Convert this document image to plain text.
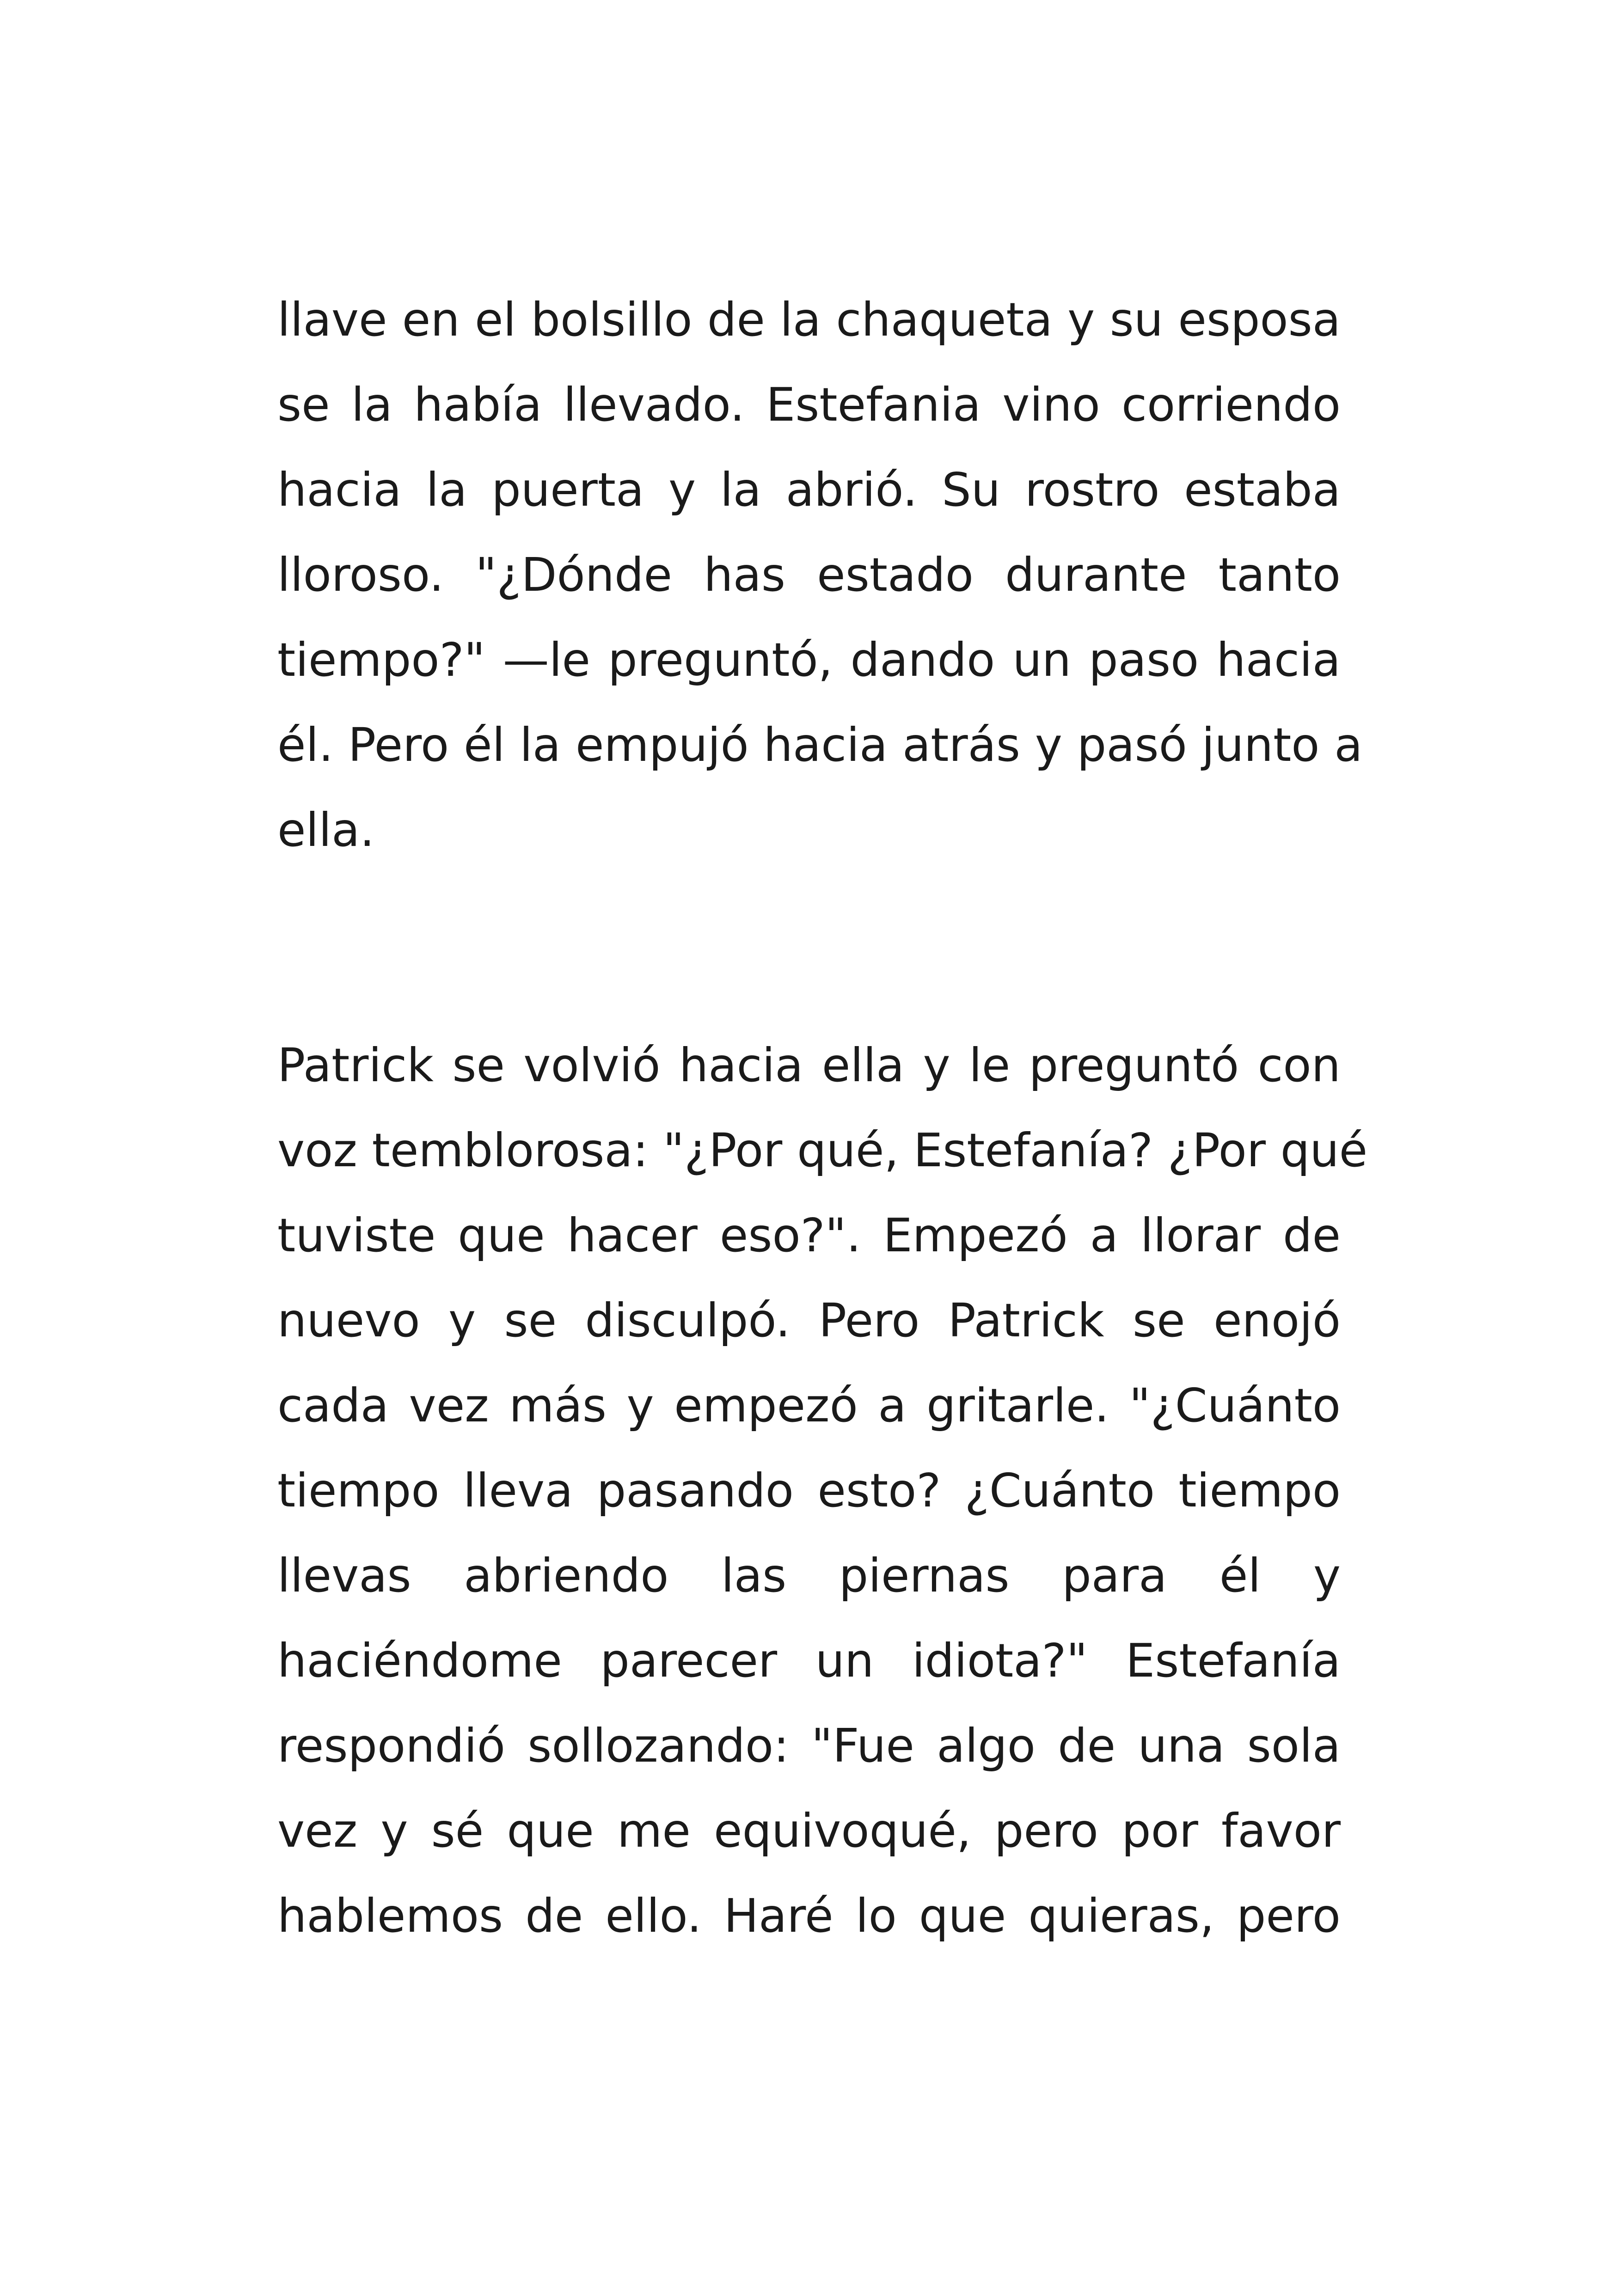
llave en el bolsillo de la chaqueta y su esposa
se la había llevado. Estefania vino corriendo
hacia la puerta y la abrió. Su rostro estaba
lloroso. "¿Dónde has estado durante tanto
tiempo?" —le preguntó, dando un paso hacia
él. Pero él la empujó hacia atrás y pasó junto a
ella.
Patrick se volvió hacia ella y le preguntó con
voz temblorosa: "¿Por qué, Estefanía? ¿Por qué
tuviste que hacer eso?". Empezó a llorar de
nuevo y se disculpó. Pero Patrick se enojó
cada vez más y empezó a gritarle. "¿Cuánto
tiempo lleva pasando esto? ¿Cuánto tiempo
llevas abriendo las piernas para él y
haciéndome parecer un idiota?" Estefanía
respondió sollozando: "Fue algo de una sola
vez y sé que me equivoqué, pero por favor
hablemos de ello. Haré lo que quieras, pero
